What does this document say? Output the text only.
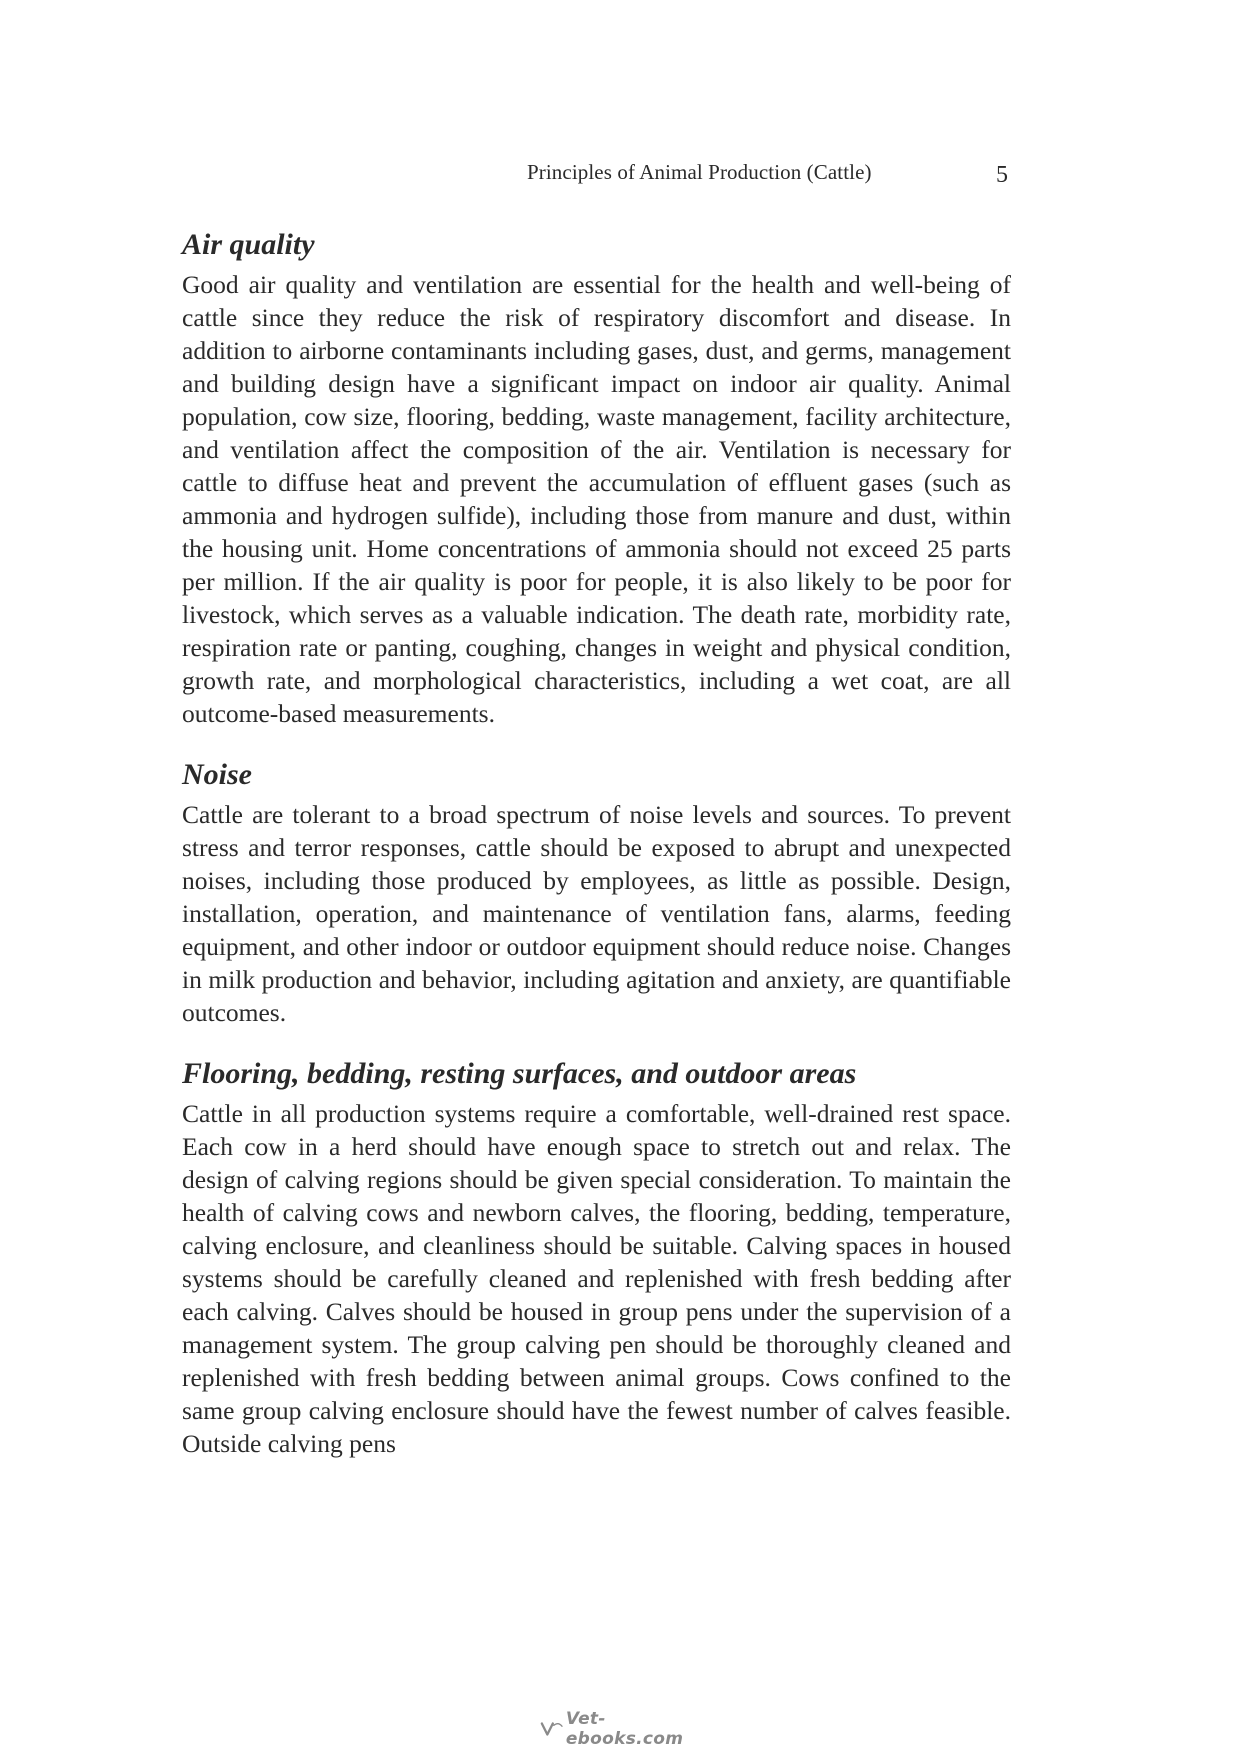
Principles of Animal Production (Cattle)	5
Air quality

Good air quality and ventilation are essential for the health and well-being of cattle since they reduce the risk of respiratory discomfort and disease. In addition to airborne contaminants including gases, dust, and germs, management and building design have a significant impact on indoor air quality. Animal population, cow size, flooring, bedding, waste management, facility architecture, and ventilation affect the composition of the air. Ventilation is necessary for cattle to diffuse heat and prevent the accumulation of effluent gases (such as ammonia and hydrogen sulfide), including those from manure and dust, within the housing unit. Home concentrations of ammonia should not exceed 25 parts per million. If the air quality is poor for people, it is also likely to be poor for livestock, which serves as a valuable indication. The death rate, morbidity rate, respiration rate or panting, coughing, changes in weight and physical condition, growth rate, and morphological characteristics, including a wet coat, are all outcome-based measurements.

Noise

Cattle are tolerant to a broad spectrum of noise levels and sources. To prevent stress and terror responses, cattle should be exposed to abrupt and unexpected noises, including those produced by employees, as little as possible. Design, installation, operation, and maintenance of ventilation fans, alarms, feeding equipment, and other indoor or outdoor equipment should reduce noise. Changes in milk production and behavior, including agitation and anxiety, are quantifiable outcomes.

Flooring, bedding, resting surfaces, and outdoor areas

Cattle in all production systems require a comfortable, well-drained rest space. Each cow in a herd should have enough space to stretch out and relax. The design of calving regions should be given special consideration. To maintain the health of calving cows and newborn calves, the flooring, bedding, temperature, calving enclosure, and cleanliness should be suitable. Calving spaces in housed systems should be carefully cleaned and replenished with fresh bedding after each calving. Calves should be housed in group pens under the supervision of a management system. The group calving pen should be thoroughly cleaned and replenished with fresh bedding between animal groups. Cows confined to the same group calving enclosure should have the fewest number of calves feasible. Outside calving pens

Vet-ebooks.com
